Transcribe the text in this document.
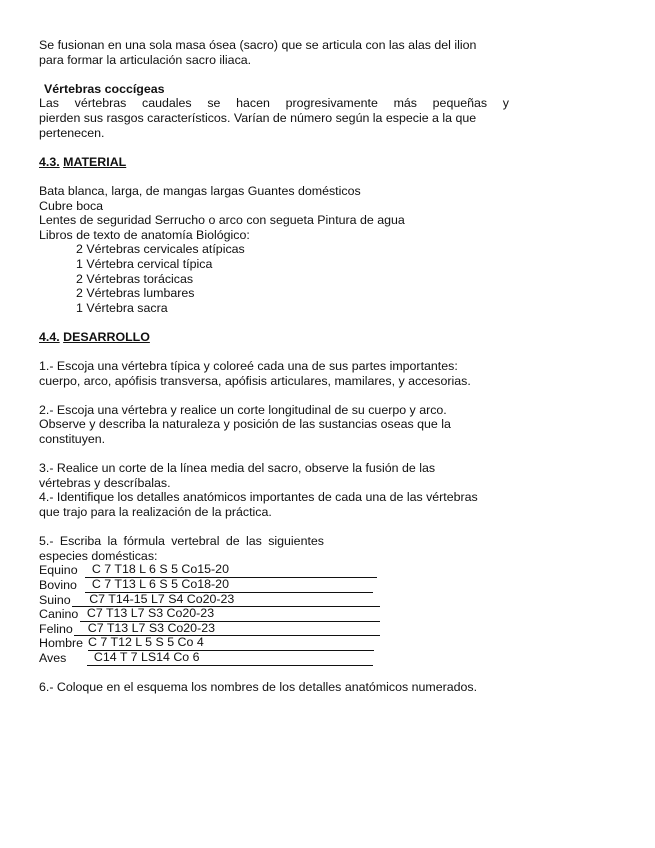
Se fusionan en una sola masa ósea (sacro) que se articula con las alas del ilion

para formar la articulación sacro iliaca.

Vértebras coccígeas

Las vértebras caudales se hacen progresivamente más pequeñas y

pierden sus rasgos característicos. Varían de número según la especie a la que

pertenecen.

4.3. MATERIAL

Bata blanca, larga, de mangas largas Guantes domésticos

Cubre boca

Lentes de seguridad Serrucho o arco con segueta Pintura de agua

Libros de texto de anatomía Biológico:

2 Vértebras cervicales atípicas

1 Vértebra cervical típica

2 Vértebras torácicas

2 Vértebras lumbares

1 Vértebra sacra

4.4. DESARROLLO

1.- Escoja una vértebra típica y coloreé cada una de sus partes importantes:

cuerpo, arco, apófisis transversa, apófisis articulares, mamilares, y accesorias.

2.- Escoja una vértebra y realice un corte longitudinal de su cuerpo y arco.

Observe y describa la naturaleza y posición de las sustancias oseas que la

constituyen.

3.- Realice un corte de la línea media del sacro, observe la fusión de las

vértebras y descríbalas.

4.- Identifique los detalles anatómicos importantes de cada una de las vértebras

que trajo para la realización de la práctica.

5.- Escriba la fórmula vertebral de las siguientes

especies domésticas:

Equino C 7 T18 L 6 S 5 Co15-20
Bovino C 7 T13 L 6 S 5 Co18-20
Suino C7 T14-15 L7 S4 Co20-23
Canino C7 T13 L7 S3 Co20-23
Felino C7 T13 L7 S3 Co20-23
Hombre C 7 T12 L 5 S 5 Co 4
Aves C14 T 7 LS14 Co 6

6.- Coloque en el esquema los nombres de los detalles anatómicos numerados.
